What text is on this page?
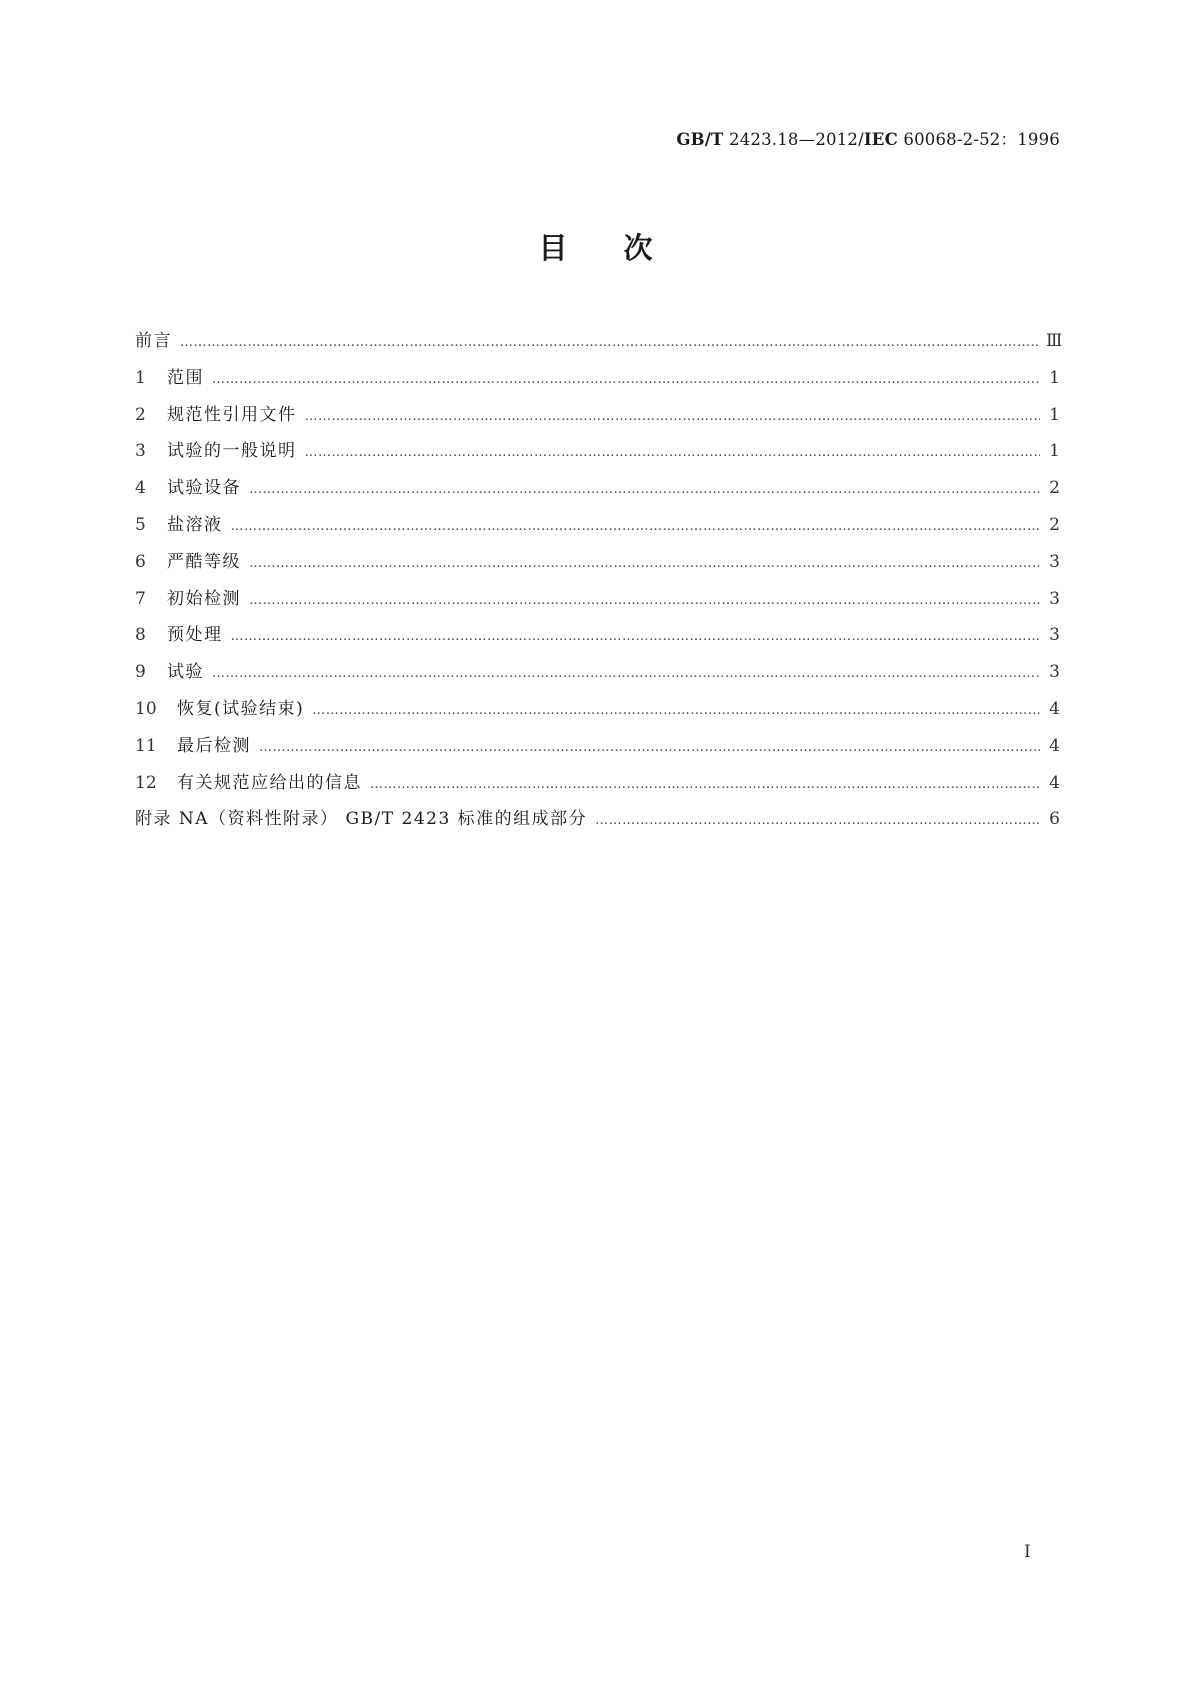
GB/T 2423.18—2012/IEC 60068-2-52：1996
目次
前言 ……………………………………………………………………………………………………………………………………………………………………………………………………………………………………………………	Ⅲ
1	范围 ……………………………………………………………………………………………………………………………………………………………………………………………………………………………………………………	1
2	规范性引用文件 ……………………………………………………………………………………………………………………………………………………………………………………………………………………………………………………	1
3	试验的一般说明 ……………………………………………………………………………………………………………………………………………………………………………………………………………………………………………………	1
4	试验设备 ……………………………………………………………………………………………………………………………………………………………………………………………………………………………………………………	2
5	盐溶液 ……………………………………………………………………………………………………………………………………………………………………………………………………………………………………………………	2
6	严酷等级 ……………………………………………………………………………………………………………………………………………………………………………………………………………………………………………………	3
7	初始检测 ……………………………………………………………………………………………………………………………………………………………………………………………………………………………………………………	3
8	预处理 ……………………………………………………………………………………………………………………………………………………………………………………………………………………………………………………	3
9	试验 ……………………………………………………………………………………………………………………………………………………………………………………………………………………………………………………	3
10	恢复(试验结束) ……………………………………………………………………………………………………………………………………………………………………………………………………………………………………………………	4
11	最后检测 ……………………………………………………………………………………………………………………………………………………………………………………………………………………………………………………	4
12	有关规范应给出的信息 ……………………………………………………………………………………………………………………………………………………………………………………………………………………………………………………	4
附录 NA（资料性附录） GB/T 2423 标准的组成部分 ……………………………………………………………………………………………………………………………………………………………………………………………………………………………………………………	6
I
